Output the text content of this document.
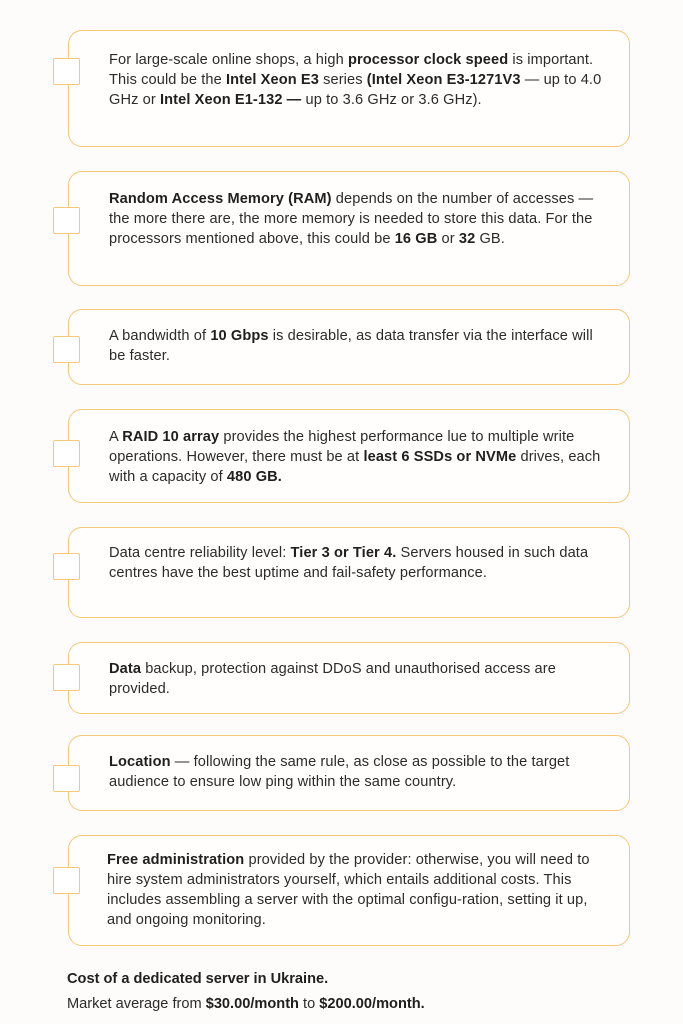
For large-scale online shops, a high processor clock speed is important. This could be the Intel Xeon E3 series (Intel Xeon E3-1271V3 — up to 4.0 GHz or Intel Xeon E1-132 — up to 3.6 GHz or 3.6 GHz).

Random Access Memory (RAM) depends on the number of accesses — the more there are, the more memory is needed to store this data. For the processors mentioned above, this could be 16 GB or 32 GB.

A bandwidth of 10 Gbps is desirable, as data transfer via the interface will be faster.

A RAID 10 array provides the highest performance lue to multiple write operations. However, there must be at least 6 SSDs or NVMe drives, each with a capacity of 480 GB.

Data centre reliability level: Tier 3 or Tier 4. Servers housed in such data centres have the best uptime and fail-safety performance.

Data backup, protection against DDoS and unauthorised access are provided.

Location — following the same rule, as close as possible to the target audience to ensure low ping within the same country.

Free administration provided by the provider: otherwise, you will need to hire system administrators yourself, which entails additional costs. This includes assembling a server with the optimal configu-ration, setting it up, and ongoing monitoring.

Cost of a dedicated server in Ukraine.

Market average from $30.00/month to $200.00/month.
